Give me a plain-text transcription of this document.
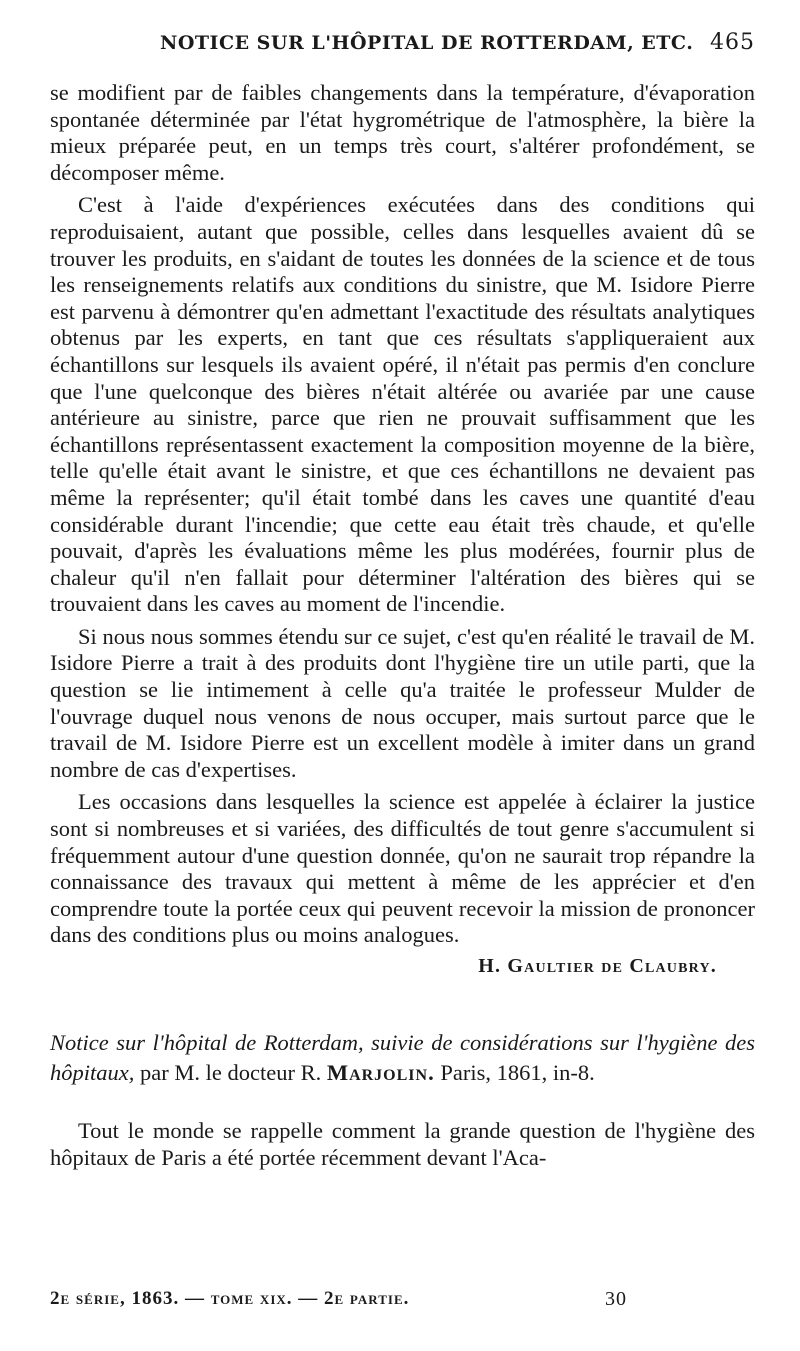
NOTICE SUR L'HÔPITAL DE ROTTERDAM, ETC. 465

se modifient par de faibles changements dans la température, d'évaporation spontanée déterminée par l'état hygrométrique de l'atmosphère, la bière la mieux préparée peut, en un temps très court, s'altérer profondément, se décomposer même.

C'est à l'aide d'expériences exécutées dans des conditions qui reproduisaient, autant que possible, celles dans lesquelles avaient dû se trouver les produits, en s'aidant de toutes les données de la science et de tous les renseignements relatifs aux conditions du sinistre, que M. Isidore Pierre est parvenu à démontrer qu'en admettant l'exactitude des résultats analytiques obtenus par les experts, en tant que ces résultats s'appliqueraient aux échantillons sur lesquels ils avaient opéré, il n'était pas permis d'en conclure que l'une quelconque des bières n'était altérée ou avariée par une cause antérieure au sinistre, parce que rien ne prouvait suffisamment que les échantillons représentassent exactement la composition moyenne de la bière, telle qu'elle était avant le sinistre, et que ces échantillons ne devaient pas même la représenter; qu'il était tombé dans les caves une quantité d'eau considérable durant l'incendie; que cette eau était très chaude, et qu'elle pouvait, d'après les évaluations même les plus modérées, fournir plus de chaleur qu'il n'en fallait pour déterminer l'altération des bières qui se trouvaient dans les caves au moment de l'incendie.

Si nous nous sommes étendu sur ce sujet, c'est qu'en réalité le travail de M. Isidore Pierre a trait à des produits dont l'hygiène tire un utile parti, que la question se lie intimement à celle qu'a traitée le professeur Mulder de l'ouvrage duquel nous venons de nous occuper, mais surtout parce que le travail de M. Isidore Pierre est un excellent modèle à imiter dans un grand nombre de cas d'expertises.

Les occasions dans lesquelles la science est appelée à éclairer la justice sont si nombreuses et si variées, des difficultés de tout genre s'accumulent si fréquemment autour d'une question donnée, qu'on ne saurait trop répandre la connaissance des travaux qui mettent à même de les apprécier et d'en comprendre toute la portée ceux qui peuvent recevoir la mission de prononcer dans des conditions plus ou moins analogues.

H. Gaultier de Claubry.
Notice sur l'hôpital de Rotterdam, suivie de considérations sur l'hygiène des hôpitaux, par M. le docteur R. Marjolin. Paris, 1861, in-8.

Tout le monde se rappelle comment la grande question de l'hygiène des hôpitaux de Paris a été portée récemment devant l'Aca-

2e série, 1863. — tome xix. — 2e partie.	30
